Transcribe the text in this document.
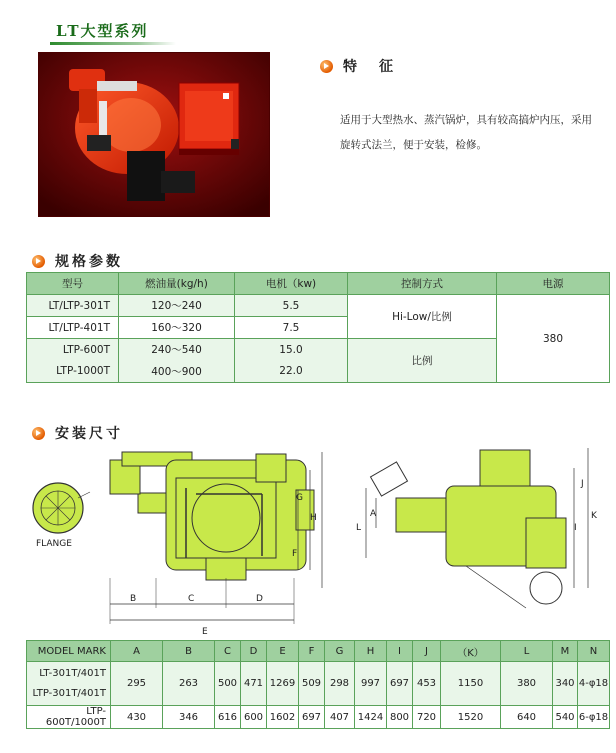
LT大型系列
特征
适用于大型热水、蒸汽锅炉，具有较高搞炉内压，采用旋转式法兰，便于安装，检修。
规格参数
型号	燃油量(kg/h)	电机（kw)	控制方式	电源
LT/LTP-301T	120～240	5.5	Hi-Low/比例	380
LT/LTP-401T	160～320	7.5		
LTP-600T	240～540	15.0	比例	
LTP-1000T	400～900	22.0		
安装尺寸
FLANGE
B	C	D
E
F
G
H	A
L	I
J
K
MODEL MARK	A	B	C	D	E	F	G	H	I	J	（K）	L	M	N

LT-301T/401T
LTP-301T/401T	295	263	500	471	1269	509	298	997	697	453	1150	380	340	4-φ18
LTP-600T/1000T	430	346	616	600	1602	697	407	1424	800	720	1520	640	540	6-φ18
